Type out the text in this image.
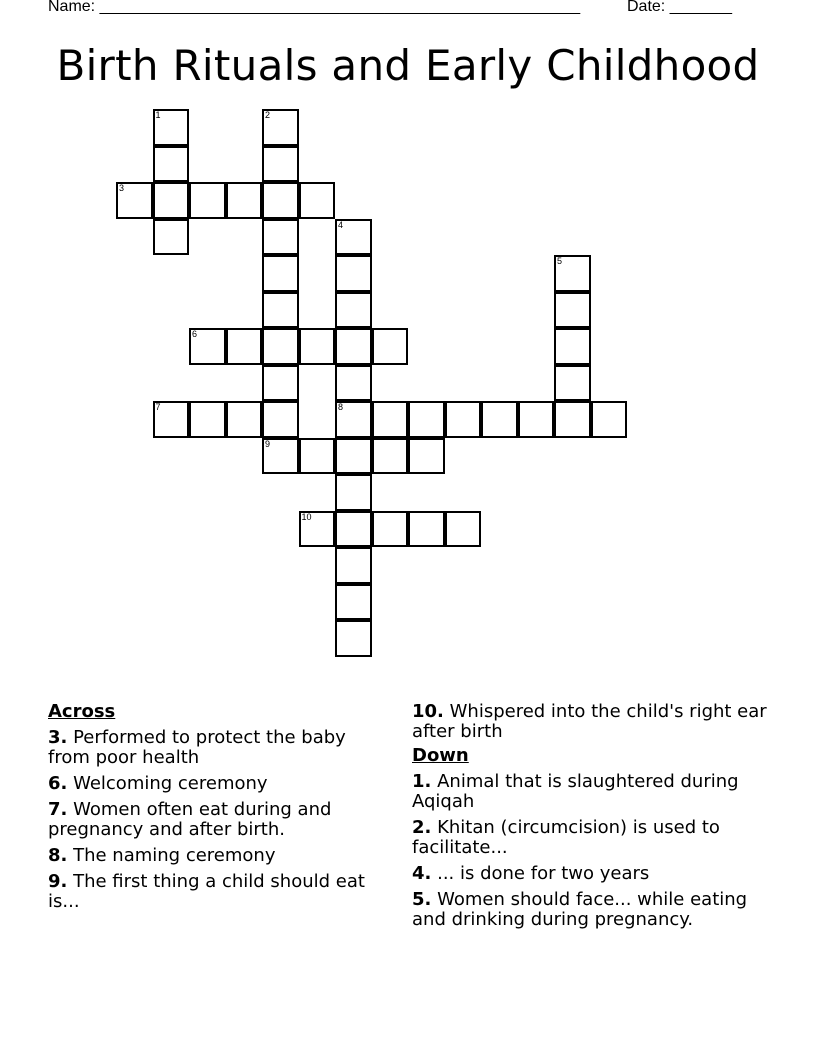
Name: ______________________________________________________	Date: _______
Birth Rituals and Early Childhood
1	2
9
3
4
8
5
6
7
10
Across
3. Performed to protect the baby from poor health
6. Welcoming ceremony
7. Women often eat during and pregnancy and after birth.
8. The naming ceremony
9. The first thing a child should eat is...
10. Whispered into the child's right ear after birth
Down
1. Animal that is slaughtered during Aqiqah
2. Khitan (circumcision) is used to facilitate...
4. ... is done for two years
5. Women should face... while eating and drinking during pregnancy.
